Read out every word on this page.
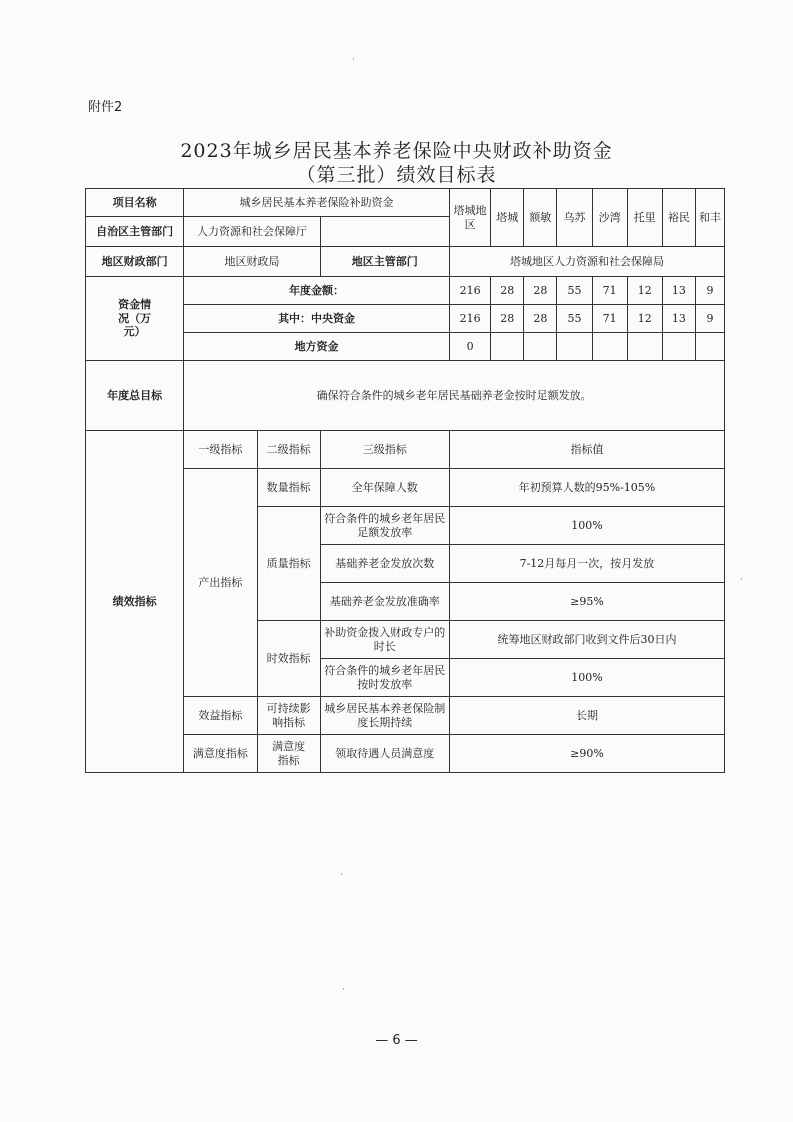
附件2
2023年城乡居民基本养老保险中央财政补助资金
（第三批）绩效目标表
项目名称	城乡居民基本养老保险补助资金			塔城地区	塔城	额敏	乌苏	沙湾	托里	裕民	和丰
自治区主管部门	人力资源和社会保障厅										
地区财政部门	地区财政局		地区主管部门	塔城地区人力资源和社会保障局							
资金情况（万元）	年度金额：			216	28	28	55	71	12	13	9
	其中：中央资金			216	28	28	55	71	12	13	9
	地方资金			0							
年度总目标	确保符合条件的城乡老年居民基础养老金按时足额发放。										
绩效指标	一级指标	二级指标	三级指标	指标值							
	产出指标	数量指标	全年保障人数	年初预算人数的95%-105%							
		质量指标	符合条件的城乡老年居民足额发放率	100%							
			基础养老金发放次数	7-12月每月一次，按月发放							
			基础养老金发放准确率	≥95%							
		时效指标	补助资金拨入财政专户的时长	统筹地区财政部门收到文件后30日内							
			符合条件的城乡老年居民按时发放率	100%							
	效益指标	可持续影响指标	城乡居民基本养老保险制度长期持续	长期							
	满意度指标	满意度指标	领取待遇人员满意度	≥90%							
·
·
·
·
— 6 —
